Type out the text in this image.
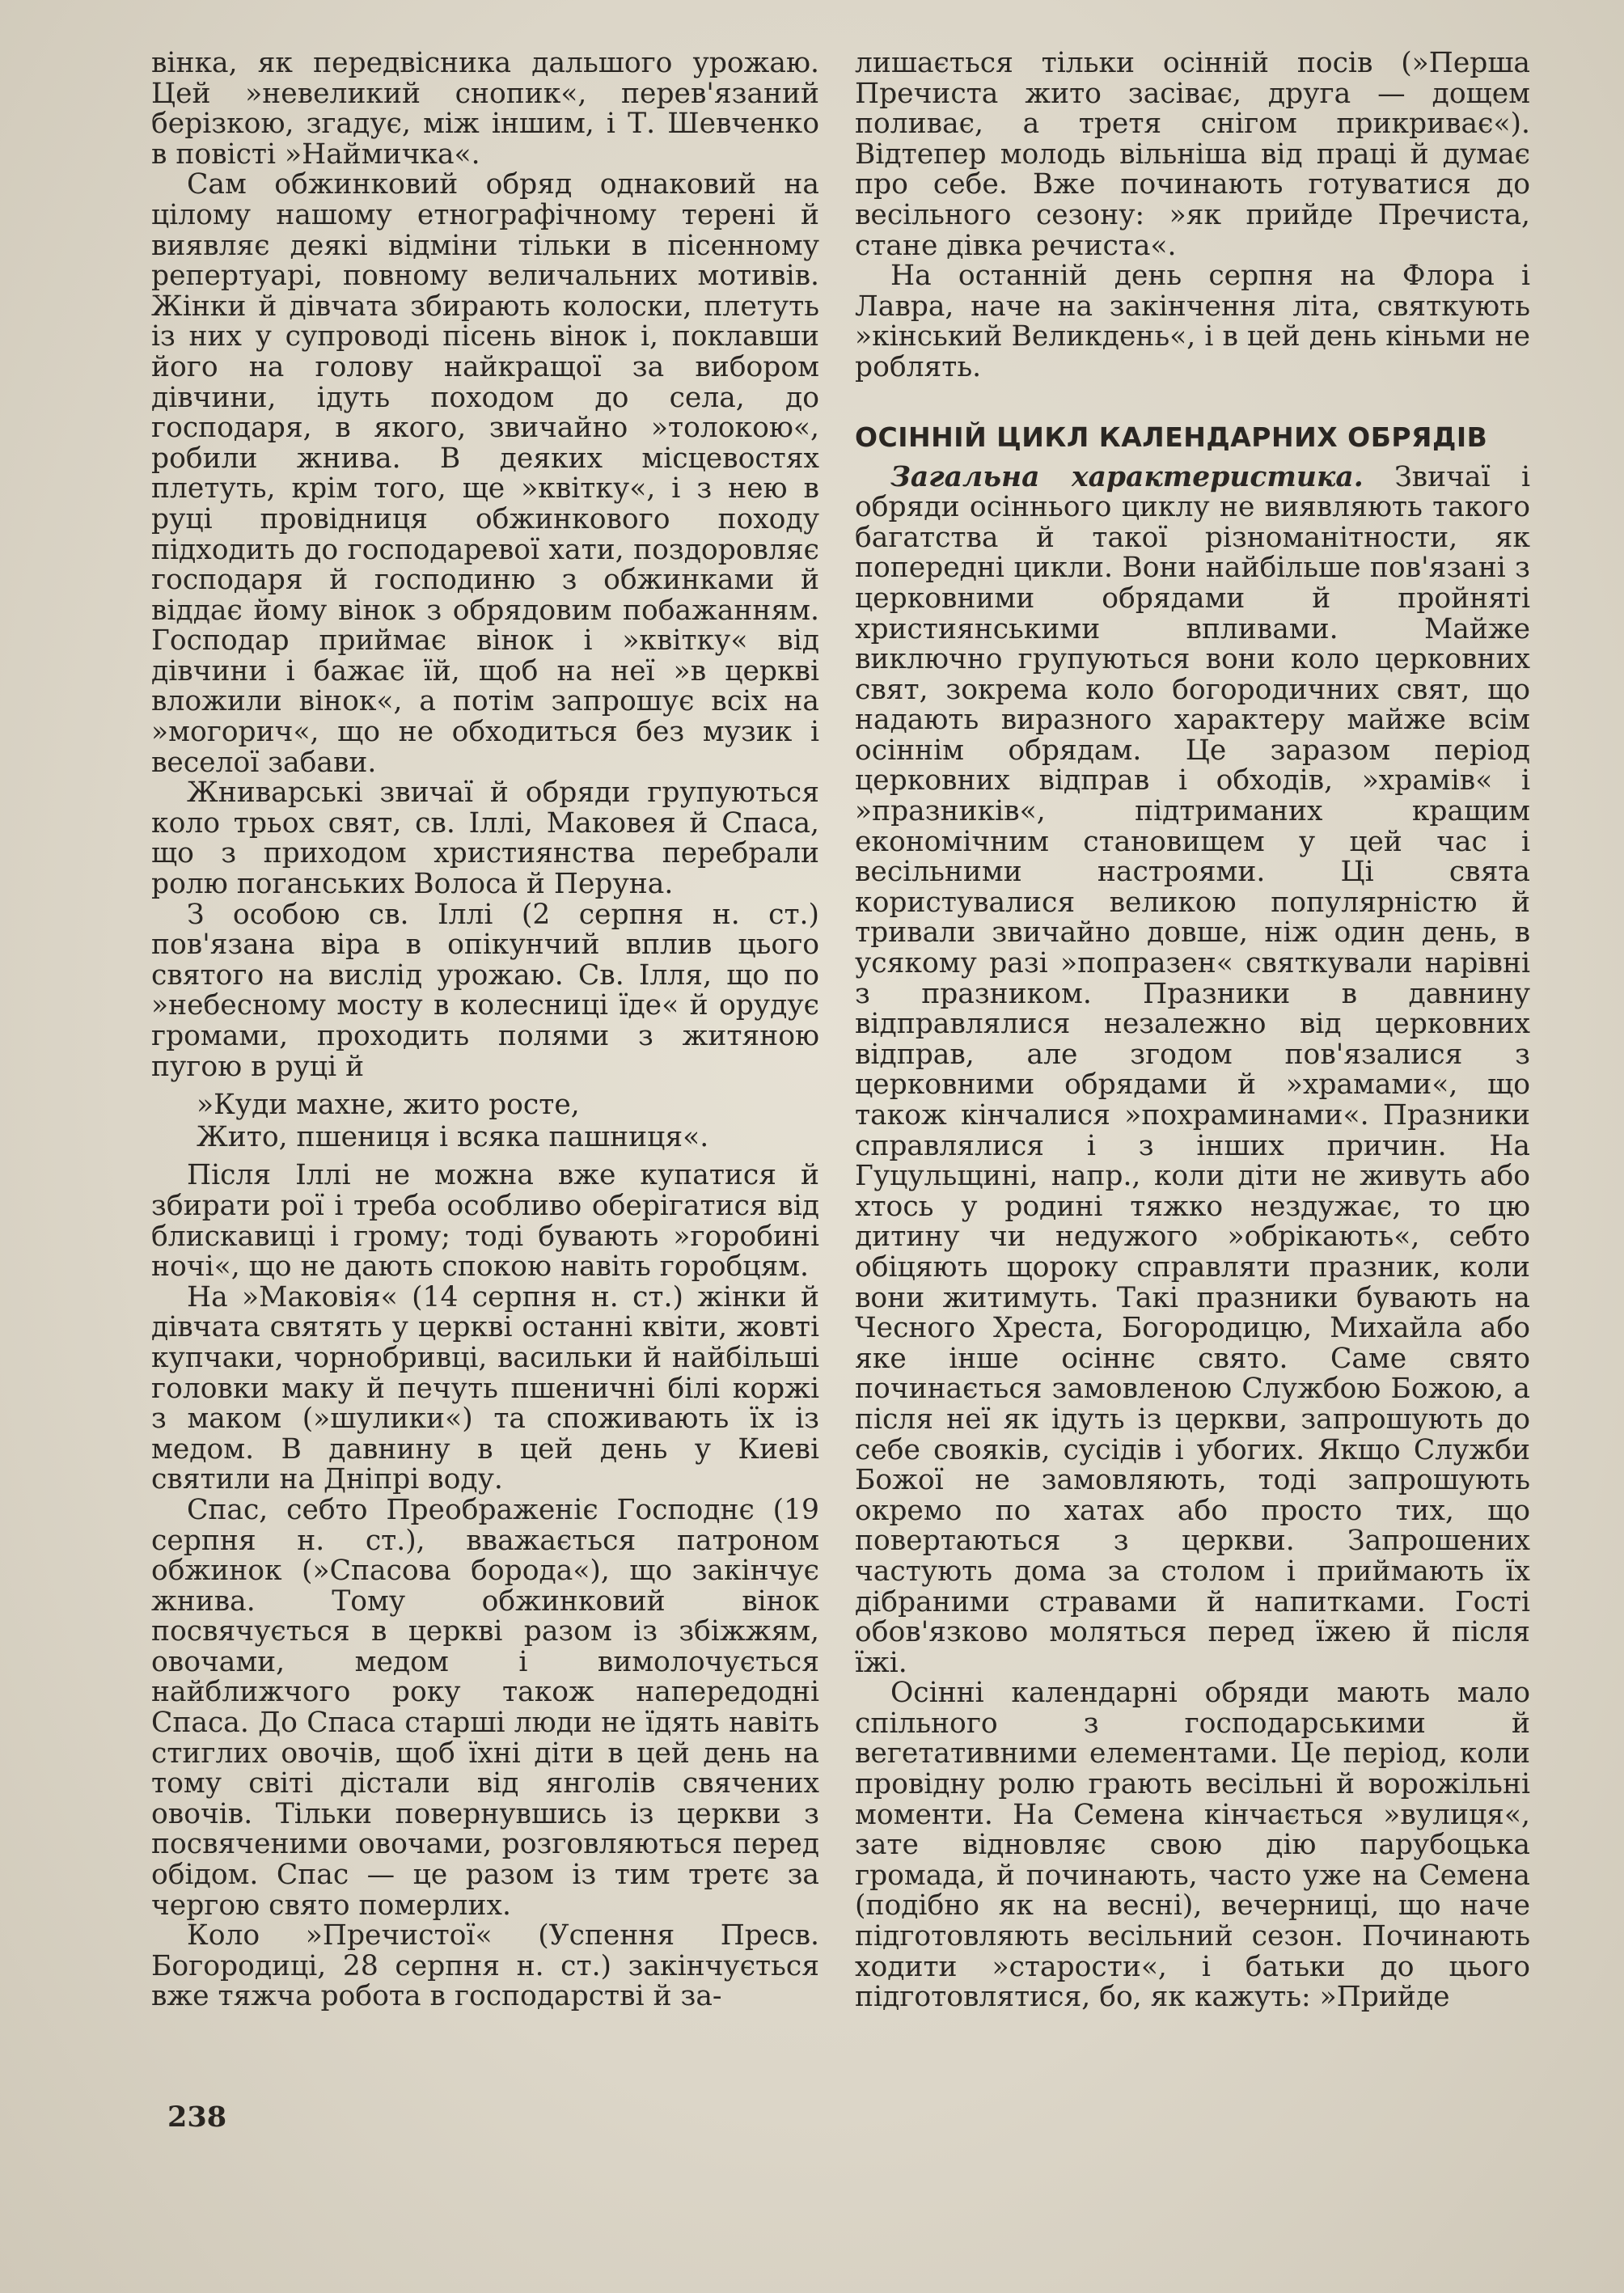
вінка, як передвісника дальшого урожаю. Цей »невеликий снопик«, перев'язаний берізкою, згадує, між іншим, і Т. Шевченко в повісті »Наймичка«.

Сам обжинковий обряд однаковий на цілому нашому етнографічному терені й виявляє деякі відміни тільки в пісенному репертуарі, повному величальних мотивів. Жінки й дівчата збирають колоски, плетуть із них у супроводі пісень вінок і, поклавши його на голову найкращої за вибором дівчини, ідуть походом до села, до господаря, в якого, звичайно »толокою«, робили жнива. В деяких місцевостях плетуть, крім того, ще »квітку«, і з нею в руці провідниця обжинкового походу підходить до господаревої хати, поздоровляє господаря й господиню з обжинками й віддає йому вінок з обрядовим побажанням. Господар приймає вінок і »квітку« від дівчини і бажає їй, щоб на неї »в церкві вложили вінок«, а потім запрошує всіх на »могорич«, що не обходиться без музик і веселої забави.

Жниварські звичаї й обряди групуються коло трьох свят, св. Іллі, Маковея й Спаса, що з приходом християнства перебрали ролю поганських Волоса й Перуна.

З особою св. Іллі (2 серпня н. ст.) пов'язана віра в опікунчий вплив цього святого на вислід урожаю. Св. Ілля, що по »небесному мосту в колесниці їде« й орудує громами, проходить полями з житяною пугою в руці й

»Куди махне, жито росте,

Жито, пшениця і всяка пашниця«.

Після Іллі не можна вже купатися й збирати рої і треба особливо оберігатися від блискавиці і грому; тоді бувають »горобині ночі«, що не дають спокою навіть горобцям.

На »Маковія« (14 серпня н. ст.) жінки й дівчата святять у церкві останні квіти, жовті купчаки, чорнобривці, васильки й найбільші головки маку й печуть пшеничні білі коржі з маком (»шулики«) та споживають їх із медом. В давнину в цей день у Киеві святили на Дніпрі воду.

Спас, себто Преображеніє Господнє (19 серпня н. ст.), вважається патроном обжинок (»Спасова борода«), що закінчує жнива. Тому обжинковий вінок посвячується в церкві разом із збіжжям, овочами, медом і вимолочується найближчого року також напередодні Спаса. До Спаса старші люди не їдять навіть стиглих овочів, щоб їхні діти в цей день на тому світі дістали від янголів свячених овочів. Тільки повернувшись із церкви з посвяченими овочами, розговляються перед обідом. Спас — це разом із тим третє за чергою свято померлих.

Коло »Пречистої« (Успення Пресв. Богородиці, 28 серпня н. ст.) закінчується вже тяжча робота в господарстві й за-

лишається тільки осінній посів (»Перша Пречиста жито засіває, друга — дощем поливає, а третя снігом прикриває«). Відтепер молодь вільніша від праці й думає про себе. Вже починають готуватися до весільного сезону: »як прийде Пречиста, стане дівка речиста«.

На останній день серпня на Флора і Лавра, наче на закінчення літа, святкують »кінський Великдень«, і в цей день кіньми не роблять.

ОСІННІЙ ЦИКЛ КАЛЕНДАРНИХ ОБРЯДІВ

Загальна характеристика. Звичаї і обряди осіннього циклу не виявляють такого багатства й такої різноманітности, як попередні цикли. Вони найбільше пов'язані з церковними обрядами й пройняті християнськими впливами. Майже виключно групуються вони коло церковних свят, зокрема коло богородичних свят, що надають виразного характеру майже всім осіннім обрядам. Це заразом період церковних відправ і обходів, »храмів« і »празників«, підтриманих кращим економічним становищем у цей час і весільними настроями. Ці свята користувалися великою популярністю й тривали звичайно довше, ніж один день, в усякому разі »попразен« святкували нарівні з празником. Празники в давнину відправлялися незалежно від церковних відправ, але згодом пов'язалися з церковними обрядами й »храмами«, що також кінчалися »похраминами«. Празники справлялися і з інших причин. На Гуцульщині, напр., коли діти не живуть або хтось у родині тяжко нездужає, то цю дитину чи недужого »обрікають«, себто обіцяють щороку справляти празник, коли вони житимуть. Такі празники бувають на Чесного Хреста, Богородицю, Михайла або яке інше осіннє свято. Саме свято починається замовленою Службою Божою, а після неї як ідуть із церкви, запрошують до себе свояків, сусідів і убогих. Якщо Служби Божої не замовляють, тоді запрошують окремо по хатах або просто тих, що повертаються з церкви. Запрошених частують дома за столом і приймають їх дібраними стравами й напитками. Гості обов'язково моляться перед їжею й після їжі.

Осінні календарні обряди мають мало спільного з господарськими й вегетативними елементами. Це період, коли провідну ролю грають весільні й ворожільні моменти. На Семена кінчається »вулиця«, зате відновляє свою дію парубоцька громада, й починають, часто уже на Семена (подібно як на весні), вечерниці, що наче підготовляють весільний сезон. Починають ходити »старости«, і батьки до цього підготовлятися, бо, як кажуть: »Прийде

238
